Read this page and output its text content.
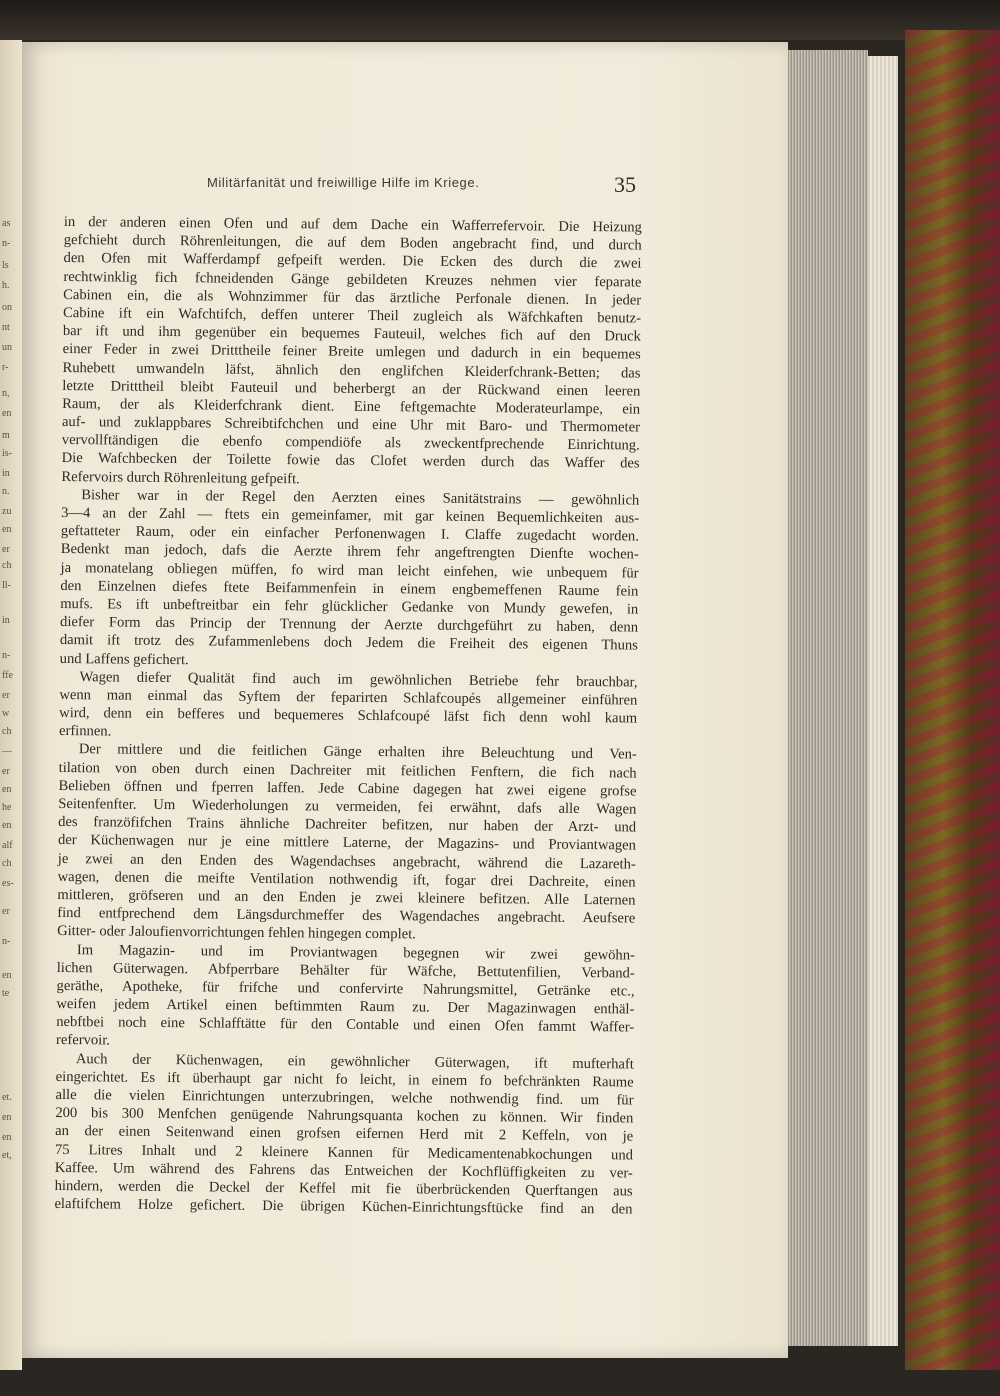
as
n-
ls
h.
on
nt
un
r-
n,
en
m
is-
in
n.
zu
en
er
ch
ll-
in
n-
ffe
er
w
ch
—
er
en
he
en
alf
ch
es-
er
n-
en
te
et.
en
en
et,
Militärfanität und freiwillige Hilfe im Kriege.	35
in der anderen einen Ofen und auf dem Dache ein Wafferrefervoir. Die Heizung
gefchieht durch Röhrenleitungen, die auf dem Boden angebracht find, und durch
den Ofen mit Wafferdampf gefpeift werden. Die Ecken des durch die zwei
rechtwinklig fich fchneidenden Gänge gebildeten Kreuzes nehmen vier feparate
Cabinen ein, die als Wohnzimmer für das ärztliche Perfonale dienen. In jeder
Cabine ift ein Wafchtifch, deffen unterer Theil zugleich als Wäfchkaften benutz-
bar ift und ihm gegenüber ein bequemes Fauteuil, welches fich auf den Druck
einer Feder in zwei Dritttheile feiner Breite umlegen und dadurch in ein bequemes
Ruhebett umwandeln läfst, ähnlich den englifchen Kleiderfchrank-Betten; das
letzte Dritttheil bleibt Fauteuil und beherbergt an der Rückwand einen leeren
Raum, der als Kleiderfchrank dient. Eine feftgemachte Moderateurlampe, ein
auf- und zuklappbares Schreibtifchchen und eine Uhr mit Baro- und Thermometer
vervollftändigen die ebenfo compendiöfe als zweckentfprechende Einrichtung.
Die Wafchbecken der Toilette fowie das Clofet werden durch das Waffer des
Refervoirs durch Röhrenleitung gefpeift.
Bisher war in der Regel den Aerzten eines Sanitätstrains — gewöhnlich
3—4 an der Zahl — ftets ein gemeinfamer, mit gar keinen Bequemlichkeiten aus-
geftatteter Raum, oder ein einfacher Perfonenwagen I. Claffe zugedacht worden.
Bedenkt man jedoch, dafs die Aerzte ihrem fehr angeftrengten Dienfte wochen-
ja monatelang obliegen müffen, fo wird man leicht einfehen, wie unbequem für
den Einzelnen diefes ftete Beifammenfein in einem engbemeffenen Raume fein
mufs. Es ift unbeftreitbar ein fehr glücklicher Gedanke von Mundy gewefen, in
diefer Form das Princip der Trennung der Aerzte durchgeführt zu haben, denn
damit ift trotz des Zufammenlebens doch Jedem die Freiheit des eigenen Thuns
und Laffens gefichert.
Wagen diefer Qualität find auch im gewöhnlichen Betriebe fehr brauchbar,
wenn man einmal das Syftem der feparirten Schlafcoupés allgemeiner einführen
wird, denn ein befferes und bequemeres Schlafcoupé läfst fich denn wohl kaum
erfinnen.
Der mittlere und die feitlichen Gänge erhalten ihre Beleuchtung und Ven-
tilation von oben durch einen Dachreiter mit feitlichen Fenftern, die fich nach
Belieben öffnen und fperren laffen. Jede Cabine dagegen hat zwei eigene grofse
Seitenfenfter. Um Wiederholungen zu vermeiden, fei erwähnt, dafs alle Wagen
des franzöfifchen Trains ähnliche Dachreiter befitzen, nur haben der Arzt- und
der Küchenwagen nur je eine mittlere Laterne, der Magazins- und Proviantwagen
je zwei an den Enden des Wagendachses angebracht, während die Lazareth-
wagen, denen die meifte Ventilation nothwendig ift, fogar drei Dachreite, einen
mittleren, gröfseren und an den Enden je zwei kleinere befitzen. Alle Laternen
find entfprechend dem Längsdurchmeffer des Wagendaches angebracht. Aeufsere
Gitter- oder Jaloufienvorrichtungen fehlen hingegen complet.
Im Magazin- und im Proviantwagen begegnen wir zwei gewöhn-
lichen Güterwagen. Abfperrbare Behälter für Wäfche, Bettutenfilien, Verband-
geräthe, Apotheke, für frifche und confervirte Nahrungsmittel, Getränke etc.,
weifen jedem Artikel einen beftimmten Raum zu. Der Magazinwagen enthäl-
nebftbei noch eine Schlafftätte für den Contable und einen Ofen fammt Waffer-
refervoir.
Auch der Küchenwagen, ein gewöhnlicher Güterwagen, ift mufterhaft
eingerichtet. Es ift überhaupt gar nicht fo leicht, in einem fo befchränkten Raume
alle die vielen Einrichtungen unterzubringen, welche nothwendig find. um für
200 bis 300 Menfchen genügende Nahrungsquanta kochen zu können. Wir finden
an der einen Seitenwand einen grofsen eifernen Herd mit 2 Keffeln, von je
75 Litres Inhalt und 2 kleinere Kannen für Medicamentenabkochungen und
Kaffee. Um während des Fahrens das Entweichen der Kochflüffigkeiten zu ver-
hindern, werden die Deckel der Keffel mit fie überbrückenden Querftangen aus
elaftifchem Holze gefichert. Die übrigen Küchen-Einrichtungsftücke find an den
